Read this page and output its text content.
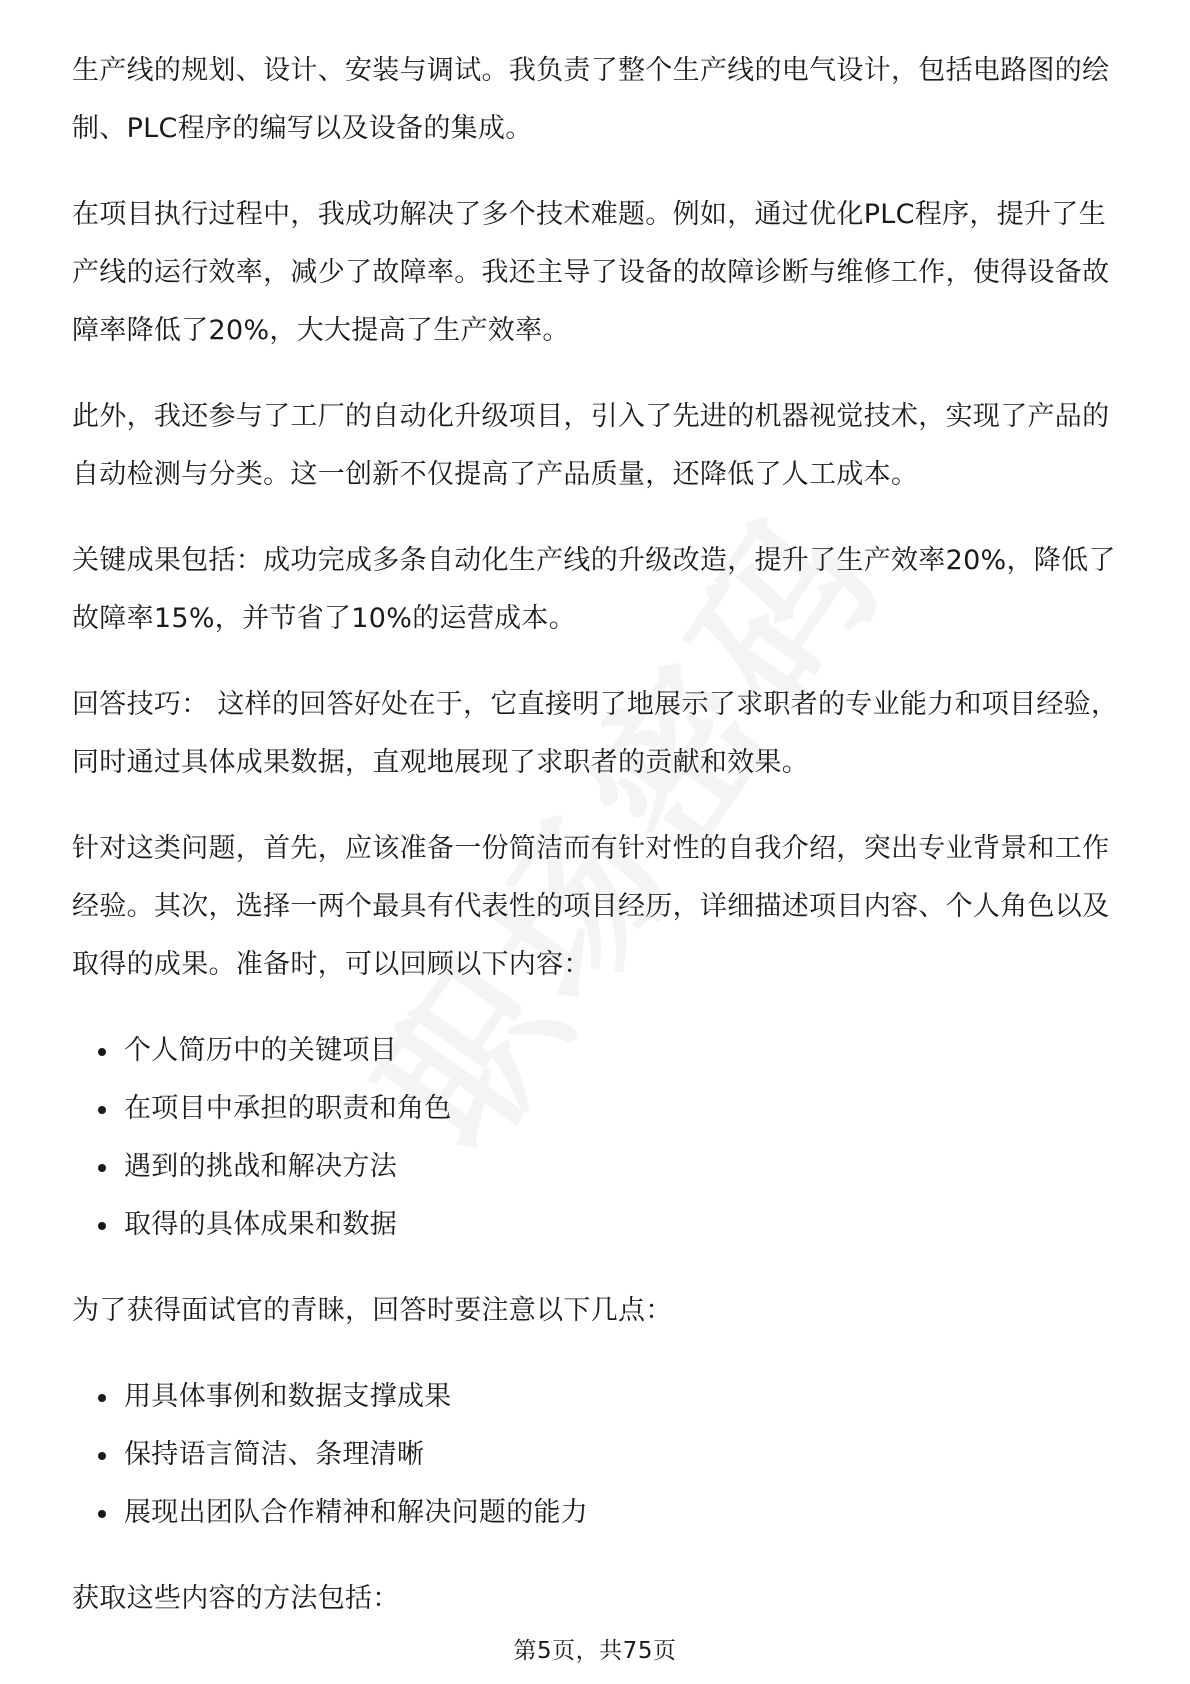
生产线的规划、设计、安装与调试。我负责了整个生产线的电气设计，包括电路图的绘制、PLC程序的编写以及设备的集成。

在项目执行过程中，我成功解决了多个技术难题。例如，通过优化PLC程序，提升了生产线的运行效率，减少了故障率。我还主导了设备的故障诊断与维修工作，使得设备故障率降低了20%，大大提高了生产效率。

此外，我还参与了工厂的自动化升级项目，引入了先进的机器视觉技术，实现了产品的自动检测与分类。这一创新不仅提高了产品质量，还降低了人工成本。

关键成果包括：成功完成多条自动化生产线的升级改造，提升了生产效率20%，降低了故障率15%，并节省了10%的运营成本。

回答技巧： 这样的回答好处在于，它直接明了地展示了求职者的专业能力和项目经验，同时通过具体成果数据，直观地展现了求职者的贡献和效果。

针对这类问题，首先，应该准备一份简洁而有针对性的自我介绍，突出专业背景和工作经验。其次，选择一两个最具有代表性的项目经历，详细描述项目内容、个人角色以及取得的成果。准备时，可以回顾以下内容：

个人简历中的关键项目
在项目中承担的职责和角色
遇到的挑战和解决方法
取得的具体成果和数据

为了获得面试官的青睐，回答时要注意以下几点：

用具体事例和数据支撑成果
保持语言简洁、条理清晰
展现出团队合作精神和解决问题的能力

获取这些内容的方法包括：

第5页，共75页
